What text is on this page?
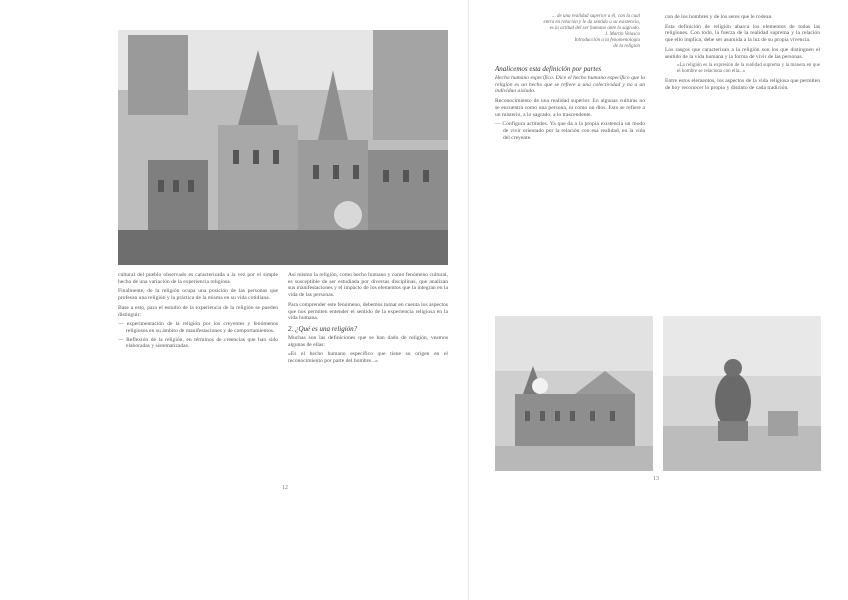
cultural del pueblo observado es caracterizada a la vez por el simple hecho de una variación de la experiencia religiosa.

Finalmente, de la religión ocupa una posición de las personas que profesan una religión y la práctica de la misma en su vida cotidiana.

Base a esto, para el estudio de la experiencia de la religión se pueden distinguir:

— experimentación de la religión por los creyentes y fenómenos religiosos en su ámbito de manifestaciones y de comportamientos.

— Reflexión de la religión, en términos de creencias que han sido elaboradas y sistematizadas.

Así mismo la religión, como hecho humano y como fenómeno cultural, es susceptible de ser estudiada por diversas disciplinas, que analizan sus manifestaciones y el impacto de los elementos que la integran en la vida de las personas.

Para comprender este fenómeno, debemos tomar en cuenta los aspectos que nos permiten entender el sentido de la experiencia religiosa en la vida humana.

2. ¿Qué es una religión?

Muchas son las definiciones que se han dado de religión, veamos algunas de ellas:

«Es el hecho humano específico que tiene su origen en el reconocimiento por parte del hombre...»

12
... de una realidad superior a él, con la cual
entra en relación y le da sentido a su existencia,
es la actitud del ser humano ante lo sagrado.
J. Martín Velasco
Introducción a la fenomenología
de la religión
Analicemos esta definición por partes

Hecho humano específico. Dice el hecho humano específico que la religión es un hecho que se refiere a una colectividad y no a un individuo aislado.

Reconocimiento de una realidad superior. En algunas culturas no se encuentra como una persona, ni como un dios. Esto se refiere a un misterio, a lo sagrado, a lo trascendente.

— Configura actitudes. Ya que da a la propia existencia un modo de vivir orientado por la relación con esa realidad, en la vida del creyente.

con de los hombres y de los seres que le rodean.

Esta definición de religión abarca los elementos de todas las religiones. Con todo, la fuerza de la realidad suprema y la relación que ello implica, debe ser asumida a la luz de su propia vivencia.

Los rasgos que caracterizan a la religión son los que distinguen el sentido de la vida humana y la forma de vivir de las personas.

«La religión es la expresión de la realidad suprema y la manera en que el hombre se relaciona con ella...»

Entre estos elementos, los aspectos de la vida religiosa que permiten de hoy reconocer lo propio y distinto de cada tradición.

13
